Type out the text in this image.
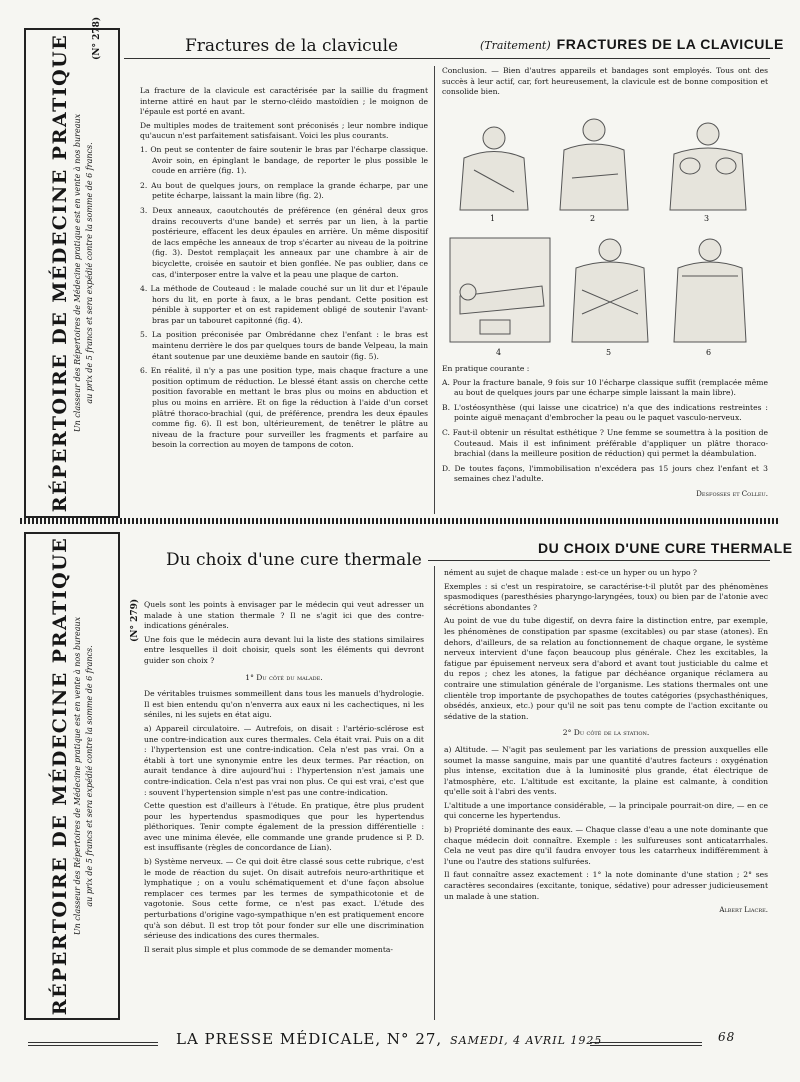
RÉPERTOIRE DE MÉDECINE PRATIQUE Un classeur des Répertoires de Médecine pratique est en vente à nos bureaux au prix de 5 francs et sera expédié contre la somme de 6 francs.
(N° 278)	Fractures de la clavicule	(Traitement) FRACTURES DE LA CLAVICULE

La fracture de la clavicule est caractérisée par la saillie du fragment interne attiré en haut par le sterno-cléido mastoïdien ; le moignon de l'épaule est porté en avant.

De multiples modes de traitement sont préconisés ; leur nombre indique qu'aucun n'est parfaitement satisfaisant. Voici les plus courants.

1. On peut se contenter de faire soutenir le bras par l'écharpe classique. Avoir soin, en épinglant le bandage, de reporter le plus possible le coude en arrière (fig. 1).
2. Au bout de quelques jours, on remplace la grande écharpe, par une petite écharpe, laissant la main libre (fig. 2).
3. Deux anneaux, caoutchoutés de préférence (en général deux gros drains recouverts d'une bande) et serrés par un lien, à la partie postérieure, effacent les deux épaules en arrière. Un même dispositif de lacs empêche les anneaux de trop s'écarter au niveau de la poitrine (fig. 3). Destot remplaçait les anneaux par une chambre à air de bicyclette, croisée en sautoir et bien gonflée. Ne pas oublier, dans ce cas, d'interposer entre la valve et la peau une plaque de carton.
4. La méthode de Couteaud : le malade couché sur un lit dur et l'épaule hors du lit, en porte à faux, a le bras pendant. Cette position est pénible à supporter et on est rapidement obligé de soutenir l'avant-bras par un tabouret capitonné (fig. 4).
5. La position préconisée par Ombrédanne chez l'enfant : le bras est maintenu derrière le dos par quelques tours de bande Velpeau, la main étant soutenue par une deuxième bande en sautoir (fig. 5).
6. En réalité, il n'y a pas une position type, mais chaque fracture a une position optimum de réduction. Le blessé étant assis on cherche cette position favorable en mettant le bras plus ou moins en abduction et plus ou moins en arrière. Et on fige la réduction à l'aide d'un corset plâtré thoraco-brachial (qui, de préférence, prendra les deux épaules comme fig. 6). Il est bon, ultérieurement, de tenêtrer le plâtre au niveau de la fracture pour surveiller les fragments et parfaire au besoin la correction au moyen de tampons de coton.

Conclusion. — Bien d'autres appareils et bandages sont employés. Tous ont des succès à leur actif, car, fort heureusement, la clavicule est de bonne composition et consolide bien.

1	2	3
4	5	6

En pratique courante :

A. Pour la fracture banale, 9 fois sur 10 l'écharpe classique suffit (remplacée même au bout de quelques jours par une écharpe simple laissant la main libre).
B. L'ostéosynthèse (qui laisse une cicatrice) n'a que des indications restreintes : pointe aiguë menaçant d'embrocher la peau ou le paquet vasculo-nerveux.
C. Faut-il obtenir un résultat esthétique ? Une femme se soumettra à la position de Couteaud. Mais il est infiniment préférable d'appliquer un plâtre thoraco-brachial (dans la meilleure position de réduction) qui permet la déambulation.
D. De toutes façons, l'immobilisation n'excédera pas 15 jours chez l'enfant et 3 semaines chez l'adulte.
Desfosses et Colleu.
RÉPERTOIRE DE MÉDECINE PRATIQUE Un classeur des Répertoires de Médecine pratique est en vente à nos bureaux au prix de 5 francs et sera expédié contre la somme de 6 francs.
(N° 279)
Du choix d'une cure thermale
DU CHOIX D'UNE CURE THERMALE

Quels sont les points à envisager par le médecin qui veut adresser un malade à une station thermale ? Il ne s'agit ici que des contre-indications générales.

Une fois que le médecin aura devant lui la liste des stations similaires entre lesquelles il doit choisir, quels sont les éléments qui devront guider son choix ?

1° Du côté du malade.

De véritables truismes sommeillent dans tous les manuels d'hydrologie. Il est bien entendu qu'on n'enverra aux eaux ni les cachectiques, ni les séniles, ni les sujets en état aigu.

a) Appareil circulatoire. — Autrefois, on disait : l'artério-sclérose est une contre-indication aux cures thermales. Cela était vrai. Puis on a dit : l'hypertension est une contre-indication. Cela n'est pas vrai. On a établi à tort une synonymie entre les deux termes. Par réaction, on aurait tendance à dire aujourd'hui : l'hypertension n'est jamais une contre-indication. Cela n'est pas vrai non plus. Ce qui est vrai, c'est que : souvent l'hypertension simple n'est pas une contre-indication.

Cette question est d'ailleurs à l'étude. En pratique, être plus prudent pour les hypertendus spasmodiques que pour les hypertendus pléthoriques. Tenir compte également de la pression différentielle : avec une minima élevée, elle commande une grande prudence si P. D. est insuffisante (règles de concordance de Lian).

b) Système nerveux. — Ce qui doit être classé sous cette rubrique, c'est le mode de réaction du sujet. On disait autrefois neuro-arthritique et lymphatique ; on a voulu schématiquement et d'une façon absolue remplacer ces termes par les termes de sympathicotonie et de vagotonie. Sous cette forme, ce n'est pas exact. L'étude des perturbations d'origine vago-sympathique n'en est pratiquement encore qu'à son début. Il est trop tôt pour fonder sur elle une discrimination sérieuse des indications des cures thermales.

Il serait plus simple et plus commode de se demander momenta-

nément au sujet de chaque malade : est-ce un hyper ou un hypo ?

Exemples : si c'est un respiratoire, se caractérise-t-il plutôt par des phénomènes spasmodiques (paresthésies pharyngo-laryngées, toux) ou bien par de l'atonie avec sécrétions abondantes ?

Au point de vue du tube digestif, on devra faire la distinction entre, par exemple, les phénomènes de constipation par spasme (excitables) ou par stase (atones). En dehors, d'ailleurs, de sa relation au fonctionnement de chaque organe, le système nerveux intervient d'une façon beaucoup plus générale. Chez les excitables, la fatigue par épuisement nerveux sera d'abord et avant tout justiciable du calme et du repos ; chez les atones, la fatigue par déchéance organique réclamera au contraire une stimulation générale de l'organisme. Les stations thermales ont une clientèle trop importante de psychopathes de toutes catégories (psychasthéniques, obsédés, anxieux, etc.) pour qu'il ne soit pas tenu compte de l'action excitante ou sédative de la station.

2° Du côté de la station.

a) Altitude. — N'agit pas seulement par les variations de pression auxquelles elle soumet la masse sanguine, mais par une quantité d'autres facteurs : oxygénation plus intense, excitation due à la luminosité plus grande, état électrique de l'atmosphère, etc. L'altitude est excitante, la plaine est calmante, à condition qu'elle soit à l'abri des vents.

L'altitude a une importance considérable, — la principale pourrait-on dire, — en ce qui concerne les hypertendus.

b) Propriété dominante des eaux. — Chaque classe d'eau a une note dominante que chaque médecin doit connaître. Exemple : les sulfureuses sont anticatarrhales. Cela ne veut pas dire qu'il faudra envoyer tous les catarrheux indifféremment à l'une ou l'autre des stations sulfurées.

Il faut connaître assez exactement : 1° la note dominante d'une station ; 2° ses caractères secondaires (excitante, tonique, sédative) pour adresser judicieusement un malade à une station.

Albert Liacre.
LA PRESSE MÉDICALE, N° 27, SAMEDI, 4 AVRIL 1925	68
